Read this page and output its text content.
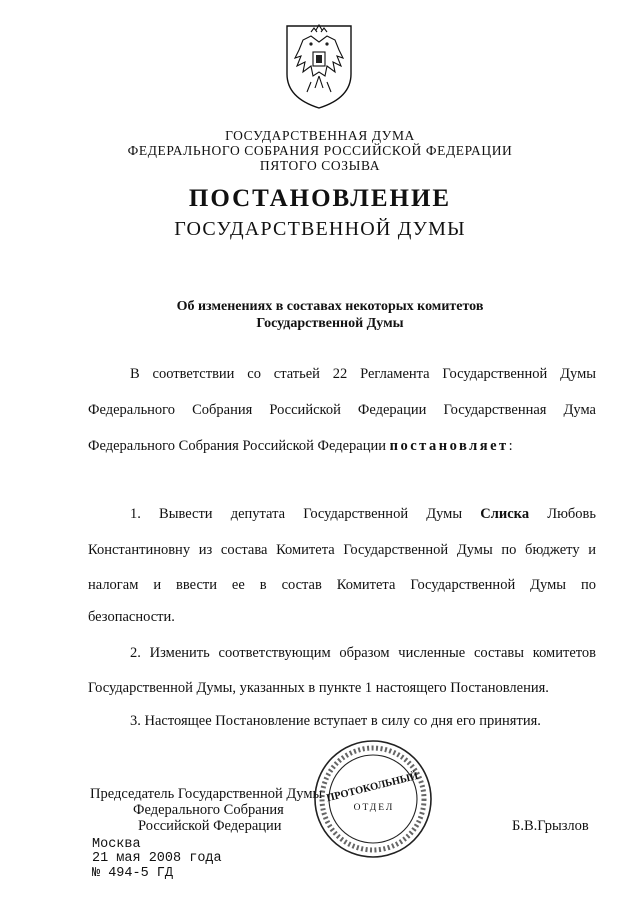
ГОСУДАРСТВЕННАЯ ДУМА
ФЕДЕРАЛЬНОГО СОБРАНИЯ РОССИЙСКОЙ ФЕДЕРАЦИИ
ПЯТОГО СОЗЫВА
ПОСТАНОВЛЕНИЕ
ГОСУДАРСТВЕННОЙ ДУМЫ
Об изменениях в составах некоторых комитетов
Государственной Думы
В соответствии со статьей 22 Регламента Государственной Думы
Федерального Собрания Российской Федерации Государственная Дума
Федерального Собрания Российской Федерации постановляет:
1. Вывести депутата Государственной Думы Слиска Любовь
Константиновну из состава Комитета Государственной Думы по бюджету и
налогам и ввести ее в состав Комитета Государственной Думы по
безопасности.
2. Изменить соответствующим образом численные составы комитетов
Государственной Думы, указанных в пункте 1 настоящего Постановления.
3. Настоящее Постановление вступает в силу со дня его принятия.
Председатель Государственной Думы
Федерального Собрания
Российской Федерации	Б.В.Грызлов
ПРОТОКОЛЬНЫЙ
ОТДЕЛ
Москва
21 мая 2008 года
№ 494-5 ГД
